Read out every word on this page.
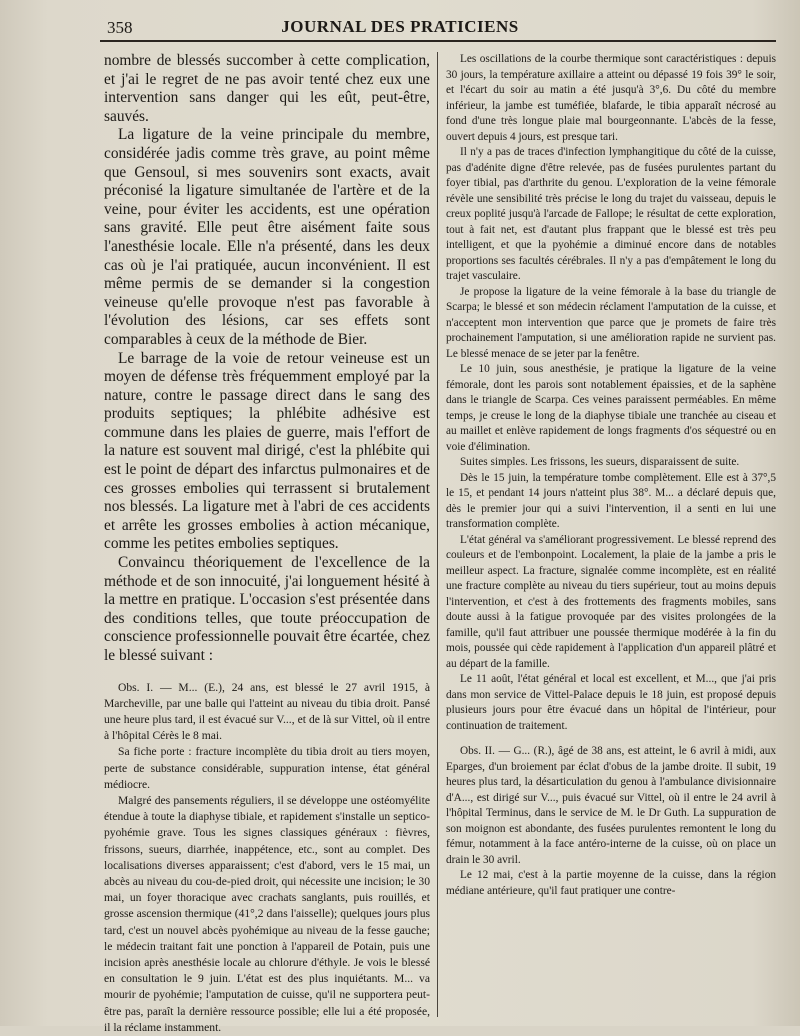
358	JOURNAL DES PRATICIENS

nombre de blessés succomber à cette complication, et j'ai le regret de ne pas avoir tenté chez eux une intervention sans danger qui les eût, peut-être, sauvés.

La ligature de la veine principale du membre, considérée jadis comme très grave, au point même que Gensoul, si mes souvenirs sont exacts, avait préconisé la ligature simultanée de l'artère et de la veine, pour éviter les accidents, est une opération sans gravité. Elle peut être aisément faite sous l'anesthésie locale. Elle n'a présenté, dans les deux cas où je l'ai pratiquée, aucun inconvénient. Il est même permis de se demander si la congestion veineuse qu'elle provoque n'est pas favorable à l'évolution des lésions, car ses effets sont comparables à ceux de la méthode de Bier.

Le barrage de la voie de retour veineuse est un moyen de défense très fréquemment employé par la nature, contre le passage direct dans le sang des produits septiques; la phlébite adhésive est commune dans les plaies de guerre, mais l'effort de la nature est souvent mal dirigé, c'est la phlébite qui est le point de départ des infarctus pulmonaires et de ces grosses embolies qui terrassent si brutalement nos blessés. La ligature met à l'abri de ces accidents et arrête les grosses embolies à action mécanique, comme les petites embolies septiques.

Convaincu théoriquement de l'excellence de la méthode et de son innocuité, j'ai longuement hésité à la mettre en pratique. L'occasion s'est présentée dans des conditions telles, que toute préoccupation de conscience professionnelle pouvait être écartée, chez le blessé suivant :

Obs. I. — M... (E.), 24 ans, est blessé le 27 avril 1915, à Marcheville, par une balle qui l'atteint au niveau du tibia droit. Pansé une heure plus tard, il est évacué sur V..., et de là sur Vittel, où il entre à l'hôpital Cérès le 8 mai.

Sa fiche porte : fracture incomplète du tibia droit au tiers moyen, perte de substance considérable, suppuration intense, état général médiocre.

Malgré des pansements réguliers, il se développe une ostéomyélite étendue à toute la diaphyse tibiale, et rapidement s'installe un septico-pyohémie grave. Tous les signes classiques généraux : fièvres, frissons, sueurs, diarrhée, inappétence, etc., sont au complet. Des localisations diverses apparaissent; c'est d'abord, vers le 15 mai, un abcès au niveau du cou-de-pied droit, qui nécessite une incision; le 30 mai, un foyer thoracique avec crachats sanglants, puis rouillés, et grosse ascension thermique (41°,2 dans l'aisselle); quelques jours plus tard, c'est un nouvel abcès pyohémique au niveau de la fesse gauche; le médecin traitant fait une ponction à l'appareil de Potain, puis une incision après anesthésie locale au chlorure d'éthyle. Je vois le blessé en consultation le 9 juin. L'état est des plus inquiétants. M... va mourir de pyohémie; l'amputation de cuisse, qu'il ne supportera peut-être pas, paraît la dernière ressource possible; elle lui a été proposée, il la réclame instamment.

Les oscillations de la courbe thermique sont caractéristiques : depuis 30 jours, la température axillaire a atteint ou dépassé 19 fois 39° le soir, et l'écart du soir au matin a été jusqu'à 3°,6. Du côté du membre inférieur, la jambe est tuméfiée, blafarde, le tibia apparaît nécrosé au fond d'une très longue plaie mal bourgeonnante. L'abcès de la fesse, ouvert depuis 4 jours, est presque tari.

Il n'y a pas de traces d'infection lymphangitique du côté de la cuisse, pas d'adénite digne d'être relevée, pas de fusées purulentes partant du foyer tibial, pas d'arthrite du genou. L'exploration de la veine fémorale révèle une sensibilité très précise le long du trajet du vaisseau, depuis le creux poplité jusqu'à l'arcade de Fallope; le résultat de cette exploration, tout à fait net, est d'autant plus frappant que le blessé est très peu intelligent, et que la pyohémie a diminué encore dans de notables proportions ses facultés cérébrales. Il n'y a pas d'empâtement le long du trajet vasculaire.

Je propose la ligature de la veine fémorale à la base du triangle de Scarpa; le blessé et son médecin réclament l'amputation de la cuisse, et n'acceptent mon intervention que parce que je promets de faire très prochainement l'amputation, si une amélioration rapide ne survient pas. Le blessé menace de se jeter par la fenêtre.

Le 10 juin, sous anesthésie, je pratique la ligature de la veine fémorale, dont les parois sont notablement épaissies, et de la saphène dans le triangle de Scarpa. Ces veines paraissent perméables. En même temps, je creuse le long de la diaphyse tibiale une tranchée au ciseau et au maillet et enlève rapidement de longs fragments d'os séquestré ou en voie d'élimination.

Suites simples. Les frissons, les sueurs, disparaissent de suite.

Dès le 15 juin, la température tombe complètement. Elle est à 37°,5 le 15, et pendant 14 jours n'atteint plus 38°. M... a déclaré depuis que, dès le premier jour qui a suivi l'intervention, il a senti en lui une transformation complète.

L'état général va s'améliorant progressivement. Le blessé reprend des couleurs et de l'embonpoint. Localement, la plaie de la jambe a pris le meilleur aspect. La fracture, signalée comme incomplète, est en réalité une fracture complète au niveau du tiers supérieur, tout au moins depuis l'intervention, et c'est à des frottements des fragments mobiles, sans doute aussi à la fatigue provoquée par des visites prolongées de la famille, qu'il faut attribuer une poussée thermique modérée à la fin du mois, poussée qui cède rapidement à l'application d'un appareil plâtré et au départ de la famille.

Le 11 août, l'état général et local est excellent, et M..., que j'ai pris dans mon service de Vittel-Palace depuis le 18 juin, est proposé depuis plusieurs jours pour être évacué dans un hôpital de l'intérieur, pour continuation de traitement.

Obs. II. — G... (R.), âgé de 38 ans, est atteint, le 6 avril à midi, aux Eparges, d'un broiement par éclat d'obus de la jambe droite. Il subit, 19 heures plus tard, la désarticulation du genou à l'ambulance divisionnaire d'A..., est dirigé sur V..., puis évacué sur Vittel, où il entre le 24 avril à l'hôpital Terminus, dans le service de M. le Dr Guth. La suppuration de son moignon est abondante, des fusées purulentes remontent le long du fémur, notamment à la face antéro-interne de la cuisse, où on place un drain le 30 avril.

Le 12 mai, c'est à la partie moyenne de la cuisse, dans la région médiane antérieure, qu'il faut pratiquer une contre-
